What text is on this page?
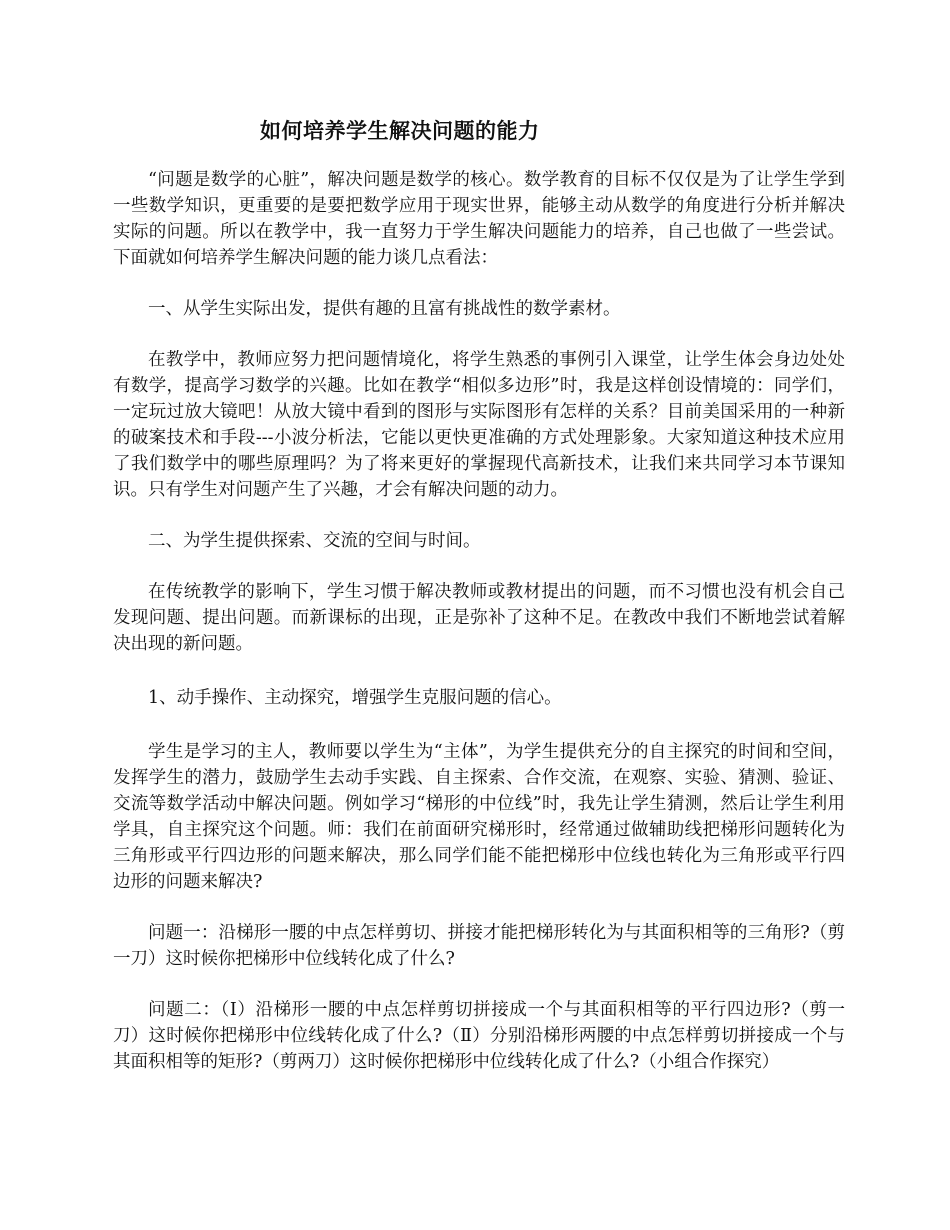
如何培养学生解决问题的能力

“问题是数学的心脏”，解决问题是数学的核心。数学教育的目标不仅仅是为了让学生学到一些数学知识，更重要的是要把数学应用于现实世界，能够主动从数学的角度进行分析并解决实际的问题。所以在教学中，我一直努力于学生解决问题能力的培养，自己也做了一些尝试。下面就如何培养学生解决问题的能力谈几点看法：

一、从学生实际出发，提供有趣的且富有挑战性的数学素材。

在教学中，教师应努力把问题情境化，将学生熟悉的事例引入课堂，让学生体会身边处处有数学，提高学习数学的兴趣。比如在教学“相似多边形”时，我是这样创设情境的：同学们，一定玩过放大镜吧！从放大镜中看到的图形与实际图形有怎样的关系？目前美国采用的一种新的破案技术和手段---小波分析法，它能以更快更准确的方式处理影象。大家知道这种技术应用了我们数学中的哪些原理吗？为了将来更好的掌握现代高新技术，让我们来共同学习本节课知识。只有学生对问题产生了兴趣，才会有解决问题的动力。

二、为学生提供探索、交流的空间与时间。

在传统教学的影响下，学生习惯于解决教师或教材提出的问题，而不习惯也没有机会自己发现问题、提出问题。而新课标的出现，正是弥补了这种不足。在教改中我们不断地尝试着解决出现的新问题。

1、动手操作、主动探究，增强学生克服问题的信心。

学生是学习的主人，教师要以学生为“主体”，为学生提供充分的自主探究的时间和空间，发挥学生的潜力，鼓励学生去动手实践、自主探索、合作交流，在观察、实验、猜测、验证、交流等数学活动中解决问题。例如学习“梯形的中位线”时，我先让学生猜测，然后让学生利用学具，自主探究这个问题。师：我们在前面研究梯形时，经常通过做辅助线把梯形问题转化为三角形或平行四边形的问题来解决，那么同学们能不能把梯形中位线也转化为三角形或平行四边形的问题来解决?

问题一：沿梯形一腰的中点怎样剪切、拼接才能把梯形转化为与其面积相等的三角形?（剪一刀）这时候你把梯形中位线转化成了什么?

问题二：（Ⅰ）沿梯形一腰的中点怎样剪切拼接成一个与其面积相等的平行四边形?（剪一刀）这时候你把梯形中位线转化成了什么?（Ⅱ）分别沿梯形两腰的中点怎样剪切拼接成一个与其面积相等的矩形?（剪两刀）这时候你把梯形中位线转化成了什么?（小组合作探究）
